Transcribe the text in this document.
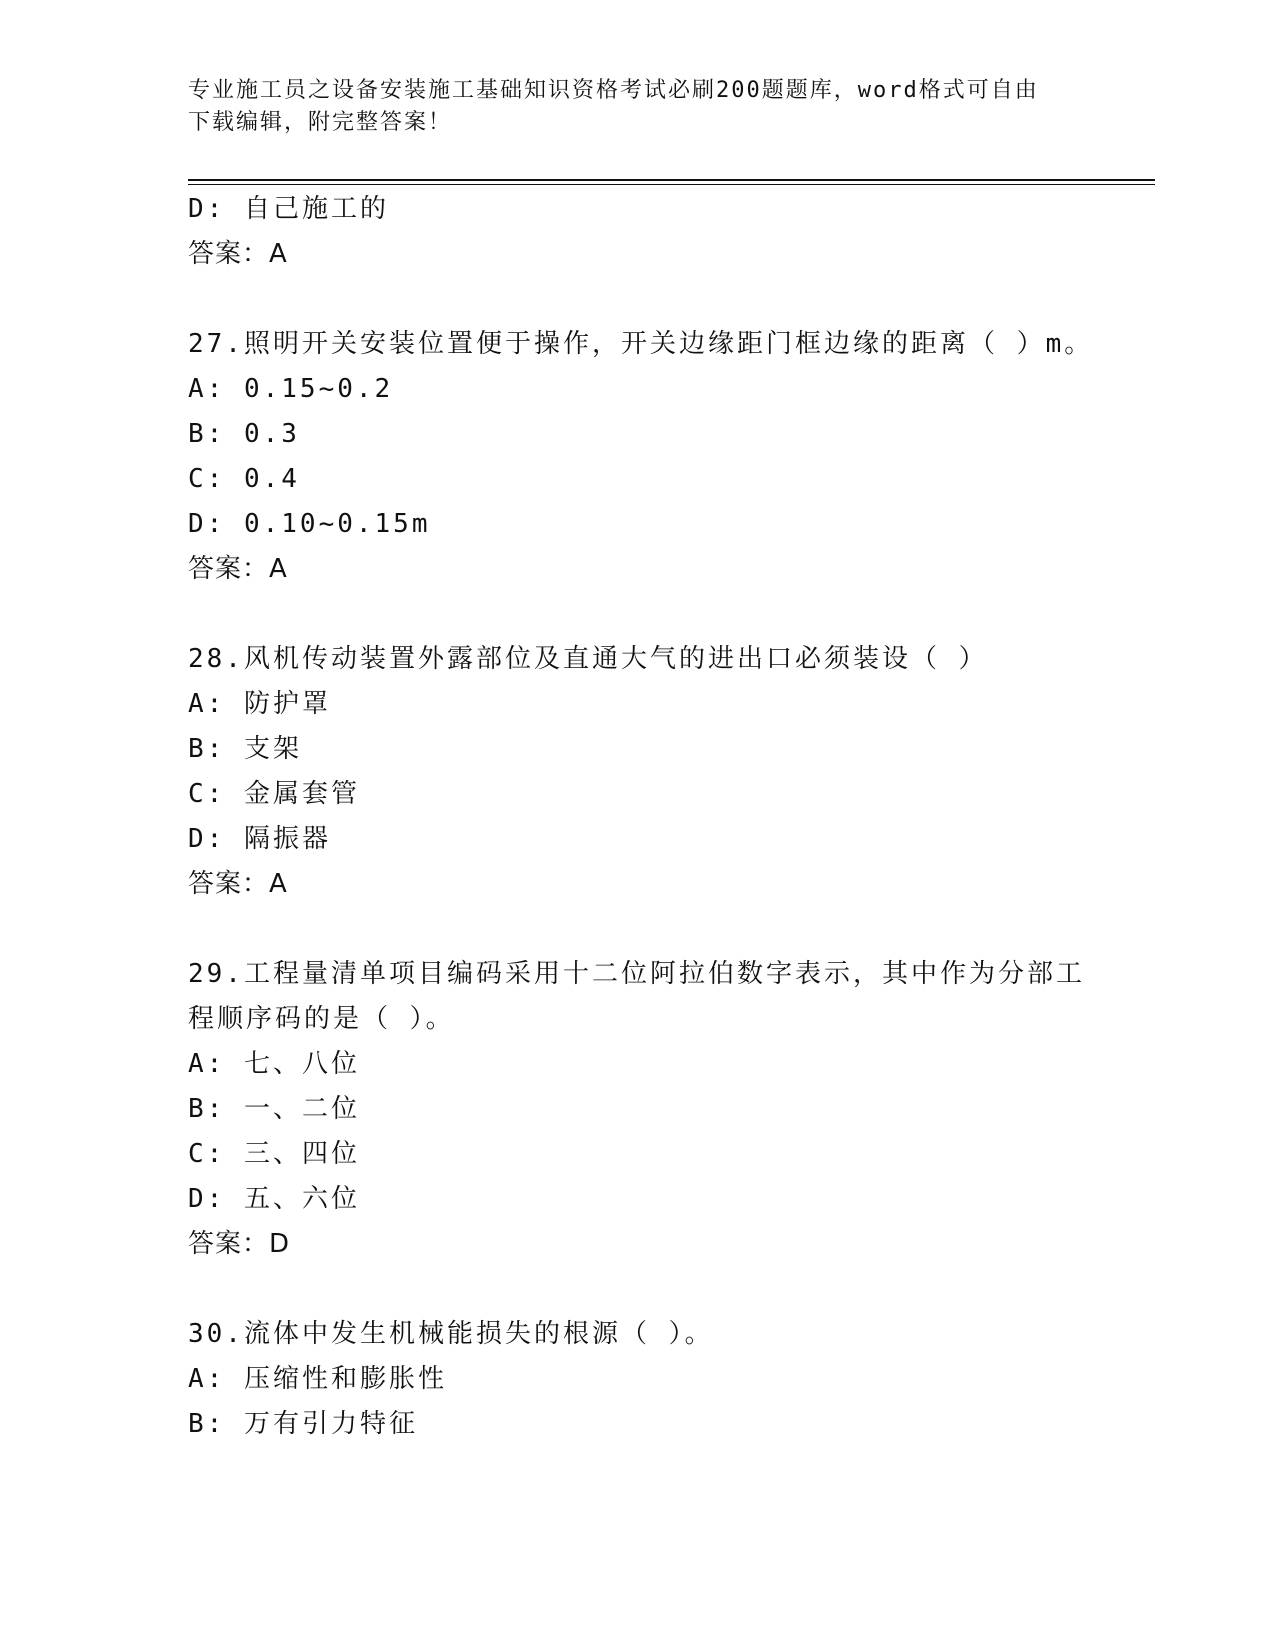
专业施工员之设备安装施工基础知识资格考试必刷200题题库，word格式可自由
下载编辑，附完整答案！
D: 自己施工的
答案：A
27.照明开关安装位置便于操作，开关边缘距门框边缘的距离（ ）m。
A: 0.15~0.2
B: 0.3
C: 0.4
D: 0.10~0.15m
答案：A
28.风机传动装置外露部位及直通大气的进出口必须装设（ ）
A: 防护罩
B: 支架
C: 金属套管
D: 隔振器
答案：A
29.工程量清单项目编码采用十二位阿拉伯数字表示，其中作为分部工
程顺序码的是（ ）。
A: 七、八位
B: 一、二位
C: 三、四位
D: 五、六位
答案：D
30.流体中发生机械能损失的根源（ ）。
A: 压缩性和膨胀性
B: 万有引力特征
